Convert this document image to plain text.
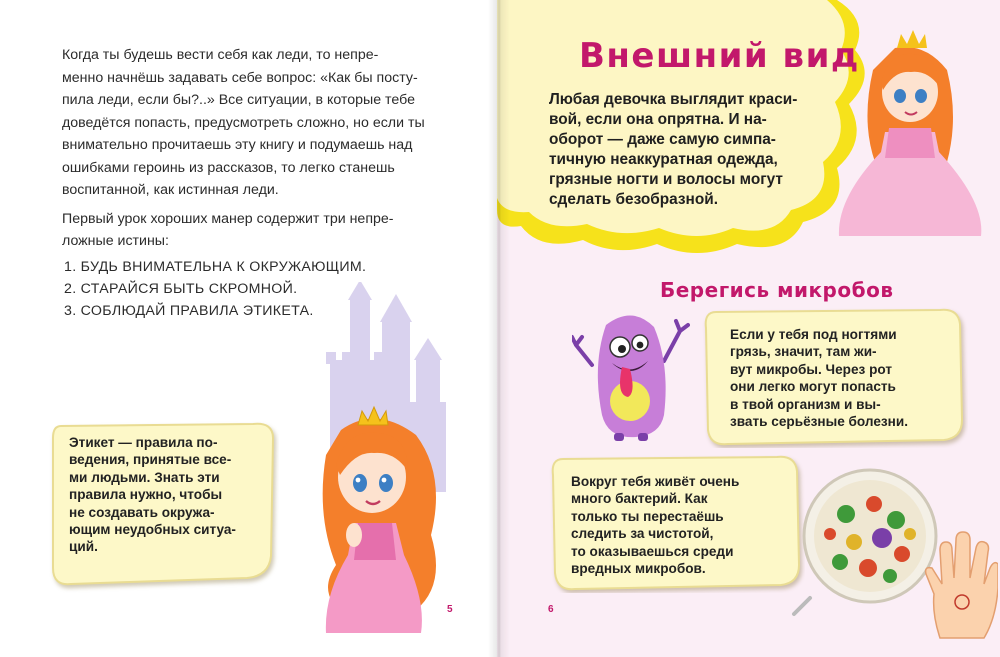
Когда ты будешь вести себя как леди, то непре-
менно начнёшь задавать себе вопрос: «Как бы посту-
пила леди, если бы?..» Все ситуации, в которые тебе
доведётся попасть, предусмотреть сложно, но если ты
внимательно прочитаешь эту книгу и подумаешь над
ошибками героинь из рассказов, то легко станешь
воспитанной, как истинная леди.
Первый урок хороших манер содержит три непре-
ложные истины:
1. БУДЬ ВНИМАТЕЛЬНА К ОКРУЖАЮЩИМ.
2. СТАРАЙСЯ БЫТЬ СКРОМНОЙ.
3. СОБЛЮДАЙ ПРАВИЛА ЭТИКЕТА.
Этикет — правила по-
ведения, принятые все-
ми людьми. Знать эти
правила нужно, чтобы
не создавать окружа-
ющим неудобных ситуа-
ций.
5
Внешний вид
Любая девочка выглядит краси-
вой, если она опрятна. И на-
оборот — даже самую симпа-
тичную неаккуратная одежда,
грязные ногти и волосы могут
сделать безобразной.
Берегись микробов
Если у тебя под ногтями
грязь, значит, там жи-
вут микробы. Через рот
они легко могут попасть
в твой организм и вы-
звать серьёзные болезни.
Вокруг тебя живёт очень
много бактерий. Как
только ты перестаёшь
следить за чистотой,
то оказываешься среди
вредных микробов.
6
